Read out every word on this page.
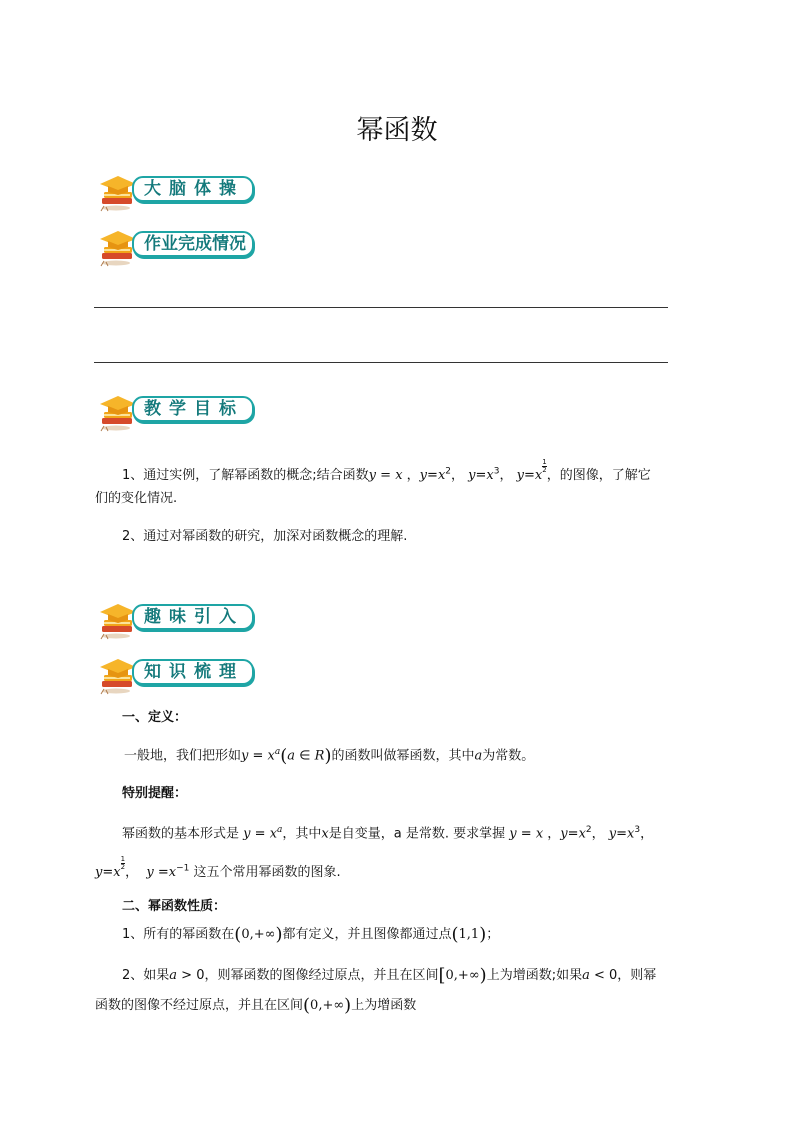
幂函数
大脑体操
作业完成情况
教学目标
1、通过实例，了解幂函数的概念;结合函数y = x ，$y=x^2$， $y=x^3$， y=x
$\frac{1}{2}$
，的图像，了解它
们的变化情况.
2、通过对幂函数的研究，加深对函数概念的理解.
趣味引入
知识梳理
一、定义：
一般地，我们把形如$y = x^a(a$ ∈ R)的函数叫做幂函数，其中a为常数。
特别提醒：
幂函数的基本形式是 $y = x^a$，其中x是自变量，a 是常数. 要求掌握 y = x ，$y=x^2$， $y=x^3$，
y=x
$\frac{1}{2}$
，  $y =x^{-1}$ 这五个常用幂函数的图象.
二、幂函数性质：
1、所有的幂函数在(0,+∞)都有定义，并且图像都通过点(1,1)；
2、如果a > 0，则幂函数的图像经过原点，并且在区间[0,+∞)上为增函数;如果a < 0，则幂
函数的图像不经过原点，并且在区间(0,+∞)上为增函数
